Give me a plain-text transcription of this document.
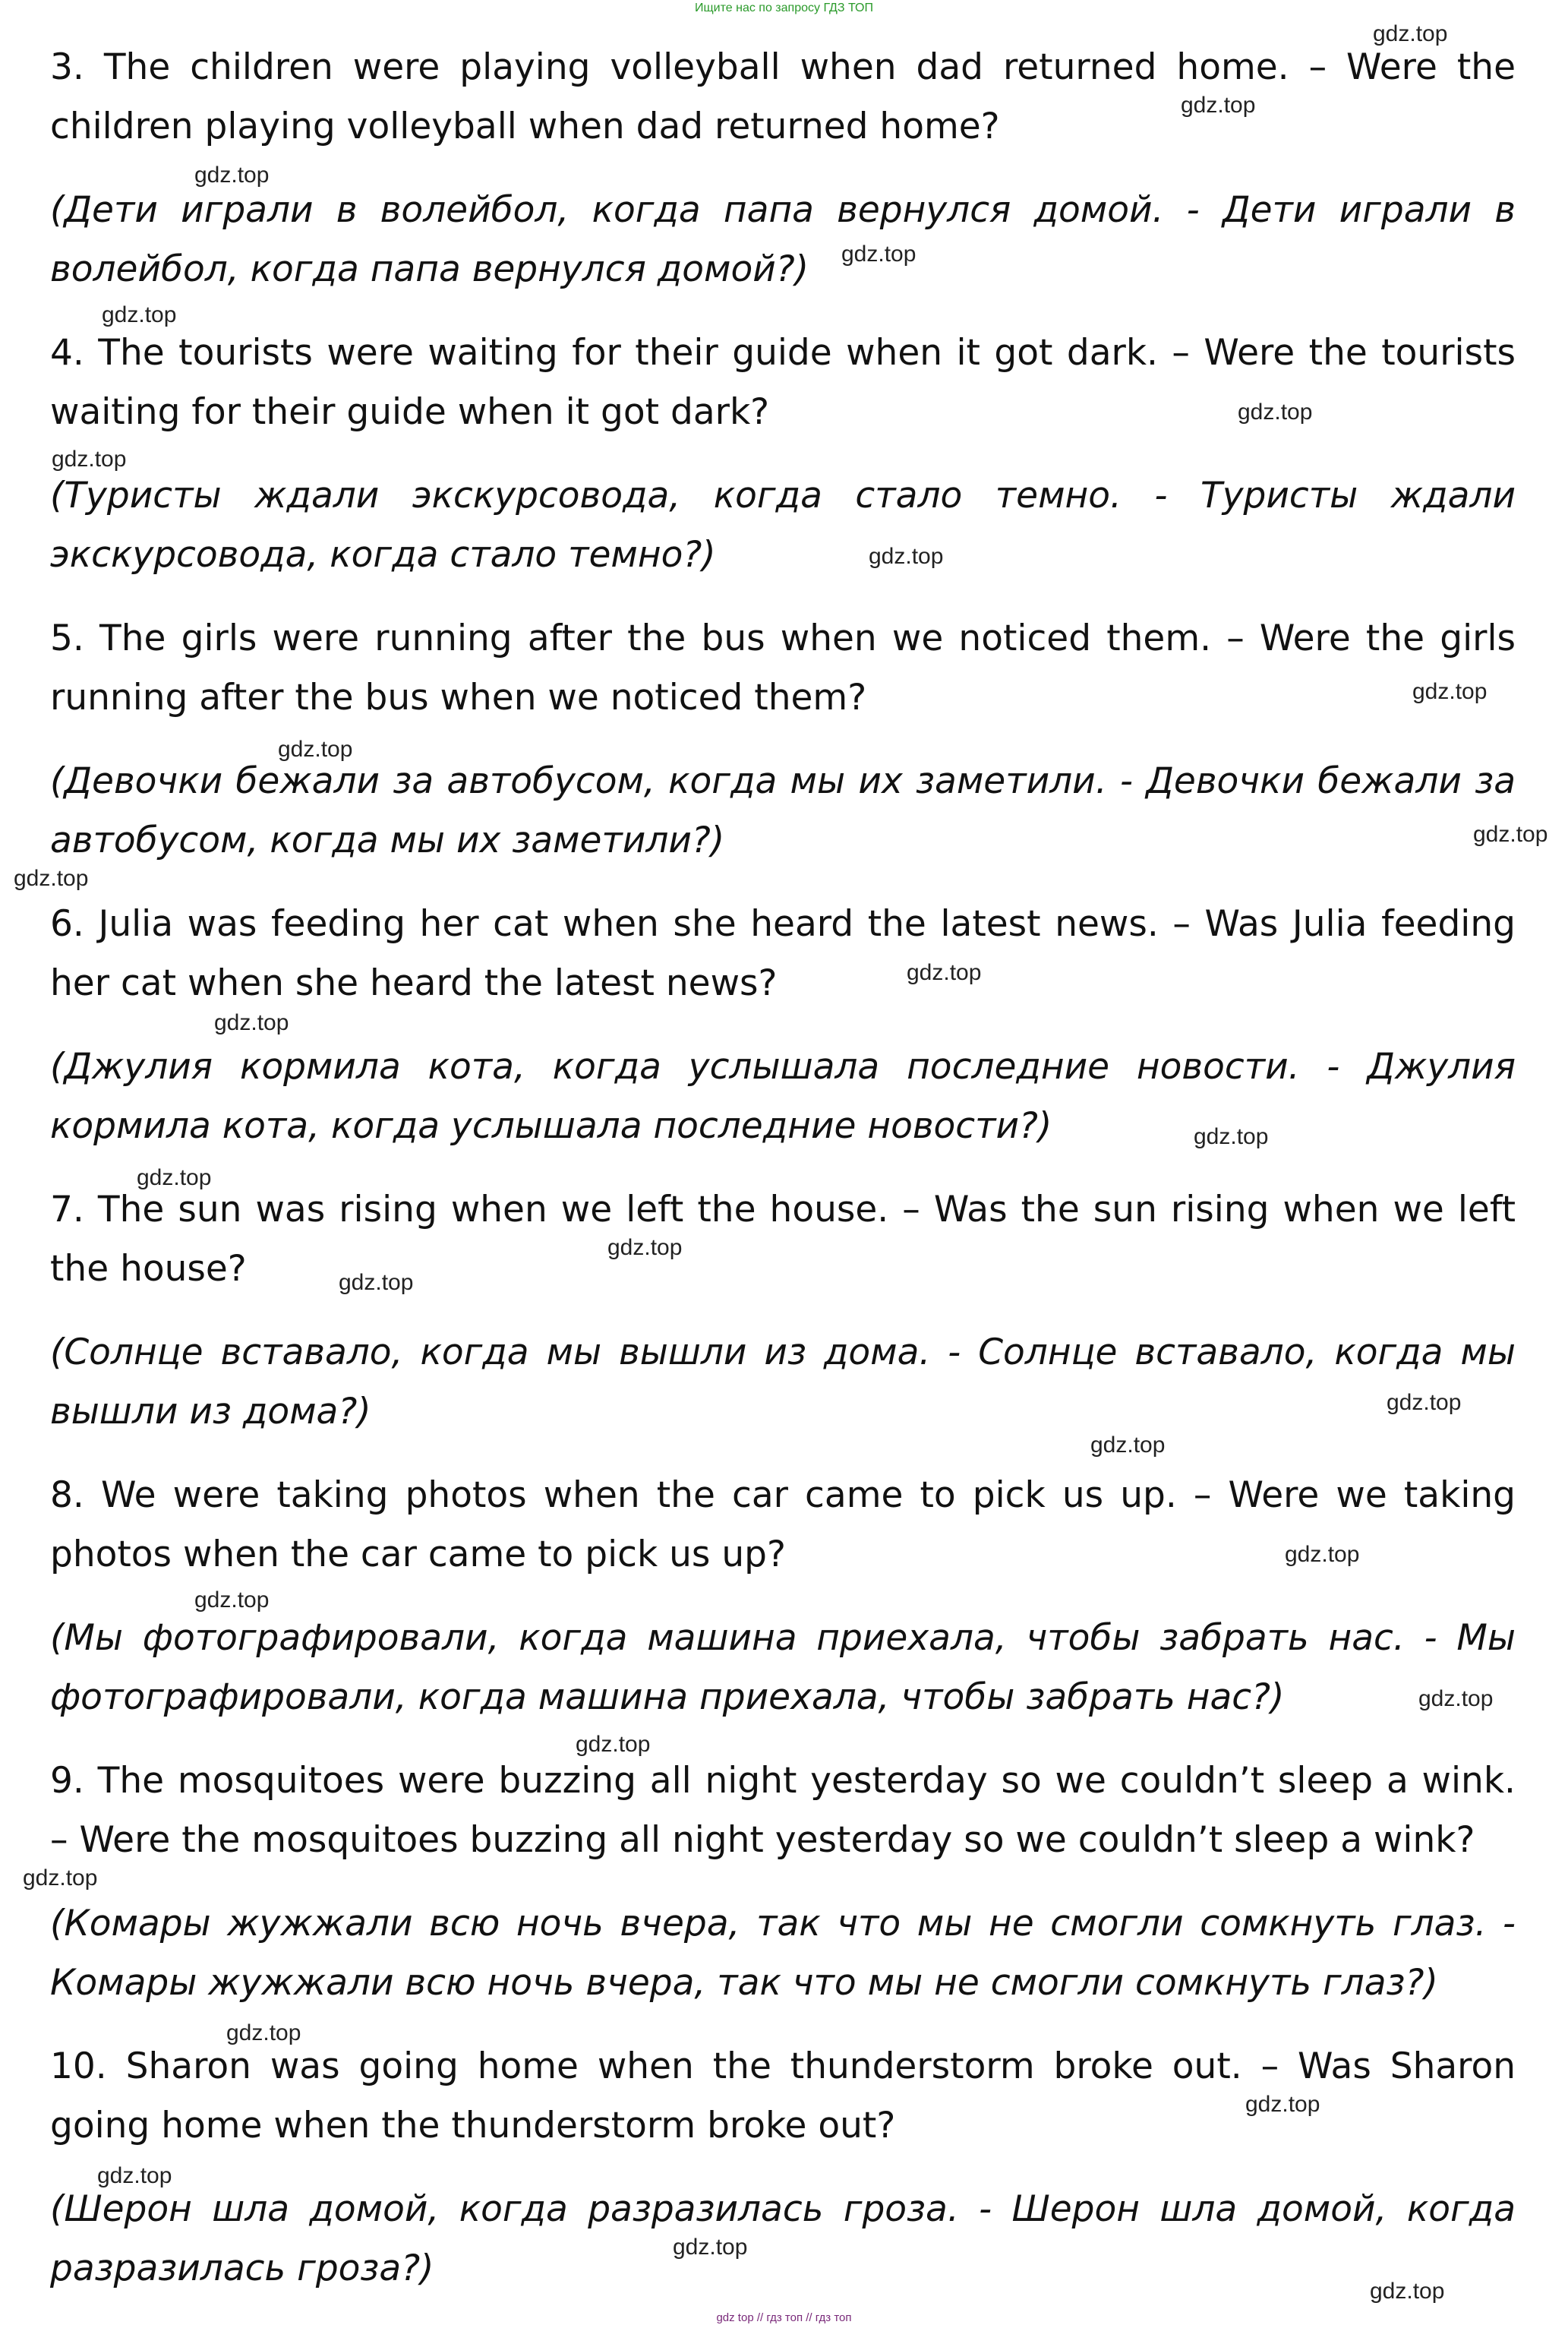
Ищите нас по запросу ГДЗ ТОП

3. The children were playing volleyball when dad returned home. – Were the children playing volleyball when dad returned home?

(Дети играли в волейбол, когда папа вернулся домой. - Дети играли в волейбол, когда папа вернулся домой?)

4. The tourists were waiting for their guide when it got dark. – Were the tourists waiting for their guide when it got dark?

(Туристы ждали экскурсовода, когда стало темно. - Туристы ждали экскурсовода, когда стало темно?)

5. The girls were running after the bus when we noticed them. – Were the girls running after the bus when we noticed them?

(Девочки бежали за автобусом, когда мы их заметили. - Девочки бежали за автобусом, когда мы их заметили?)

6. Julia was feeding her cat when she heard the latest news. – Was Julia feeding her cat when she heard the latest news?

(Джулия кормила кота, когда услышала последние новости. - Джулия кормила кота, когда услышала последние новости?)

7. The sun was rising when we left the house. – Was the sun rising when we left the house?

(Солнце вставало, когда мы вышли из дома. - Солнце вставало, когда мы вышли из дома?)

8. We were taking photos when the car came to pick us up. – Were we taking photos when the car came to pick us up?

(Мы фотографировали, когда машина приехала, чтобы забрать нас. - Мы фотографировали, когда машина приехала, чтобы забрать нас?)

9. The mosquitoes were buzzing all night yesterday so we couldn’t sleep a wink. – Were the mosquitoes buzzing all night yesterday so we couldn’t sleep a wink?

(Комары жужжали всю ночь вчера, так что мы не смогли сомкнуть глаз. - Комары жужжали всю ночь вчера, так что мы не смогли сомкнуть глаз?)

10. Sharon was going home when the thunderstorm broke out. – Was Sharon going home when the thunderstorm broke out?

(Шерон шла домой, когда разразилась гроза. - Шерон шла домой, когда разразилась гроза?)

gdz.top
gdz.top
gdz.top
gdz.top
gdz.top
gdz.top
gdz.top
gdz.top
gdz.top
gdz.top
gdz.top
gdz.top
gdz.top
gdz.top
gdz.top
gdz.top
gdz.top
gdz.top
gdz.top
gdz.top
gdz.top
gdz.top
gdz.top
gdz.top
gdz.top
gdz.top
gdz.top
gdz.top
gdz.top
gdz.top
gdz top // гдз топ // гдз топ
